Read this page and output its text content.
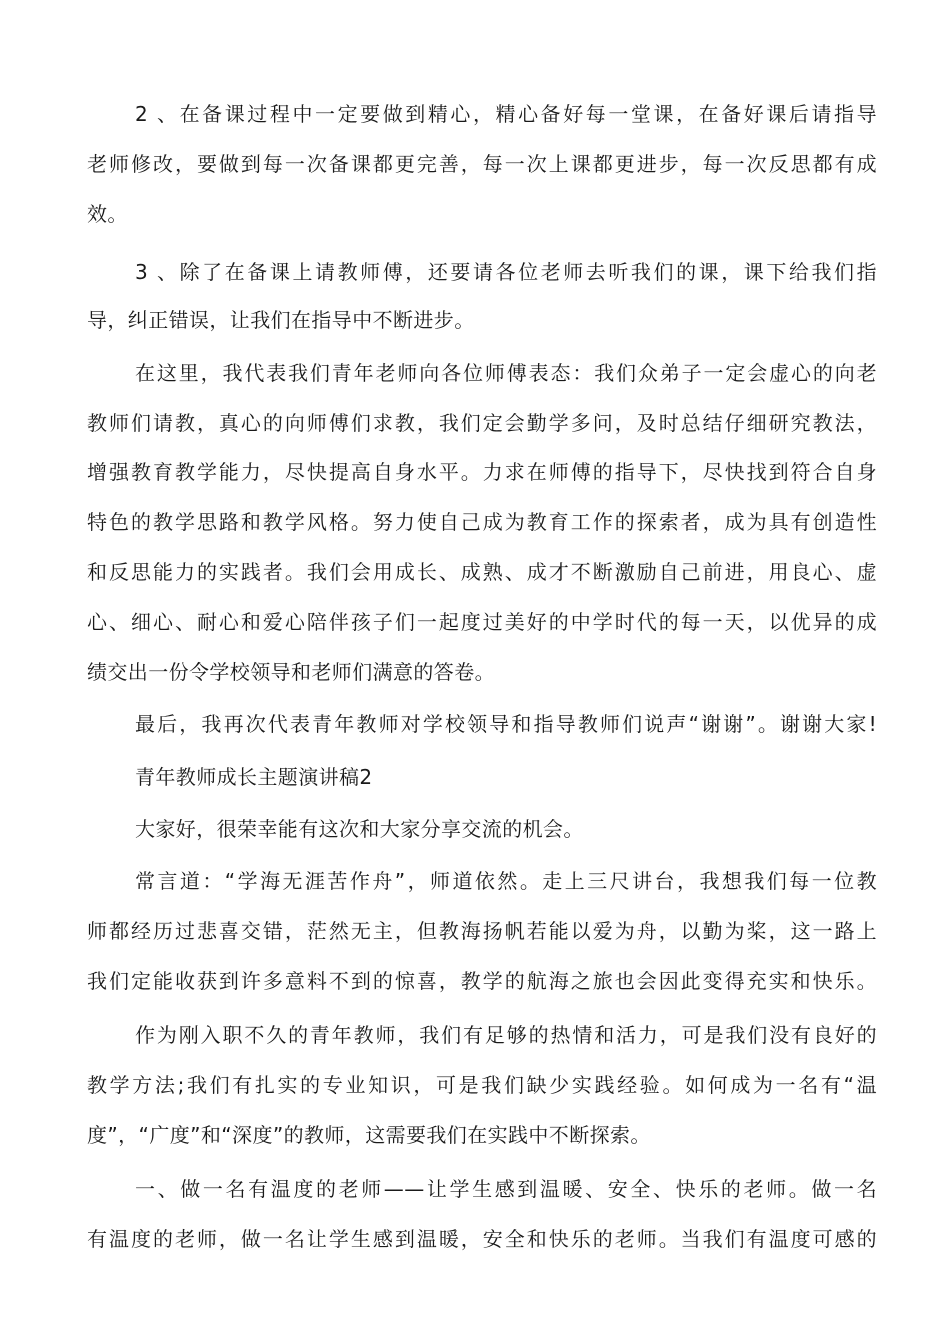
2 、在备课过程中一定要做到精心，精心备好每一堂课，在备好课后请指导
老师修改，要做到每一次备课都更完善，每一次上课都更进步，每一次反思都有成
效。
3 、除了在备课上请教师傅，还要请各位老师去听我们的课，课下给我们指
导，纠正错误，让我们在指导中不断进步。
在这里，我代表我们青年老师向各位师傅表态：我们众弟子一定会虚心的向老
教师们请教，真心的向师傅们求教，我们定会勤学多问，及时总结仔细研究教法，
增强教育教学能力，尽快提高自身水平。力求在师傅的指导下，尽快找到符合自身
特色的教学思路和教学风格。努力使自己成为教育工作的探索者，成为具有创造性
和反思能力的实践者。我们会用成长、成熟、成才不断激励自己前进，用良心、虚
心、细心、耐心和爱心陪伴孩子们一起度过美好的中学时代的每一天，以优异的成
绩交出一份令学校领导和老师们满意的答卷。
最后，我再次代表青年教师对学校领导和指导教师们说声“谢谢”。谢谢大家!
青年教师成长主题演讲稿2
大家好，很荣幸能有这次和大家分享交流的机会。
常言道：“学海无涯苦作舟”，师道依然。走上三尺讲台，我想我们每一位教
师都经历过悲喜交错，茫然无主，但教海扬帆若能以爱为舟，以勤为桨，这一路上
我们定能收获到许多意料不到的惊喜，教学的航海之旅也会因此变得充实和快乐。
作为刚入职不久的青年教师，我们有足够的热情和活力，可是我们没有良好的
教学方法;我们有扎实的专业知识，可是我们缺少实践经验。如何成为一名有“温
度”，“广度”和“深度”的教师，这需要我们在实践中不断探索。
一、做一名有温度的老师——让学生感到温暖、安全、快乐的老师。做一名
有温度的老师，做一名让学生感到温暖，安全和快乐的老师。当我们有温度可感的
